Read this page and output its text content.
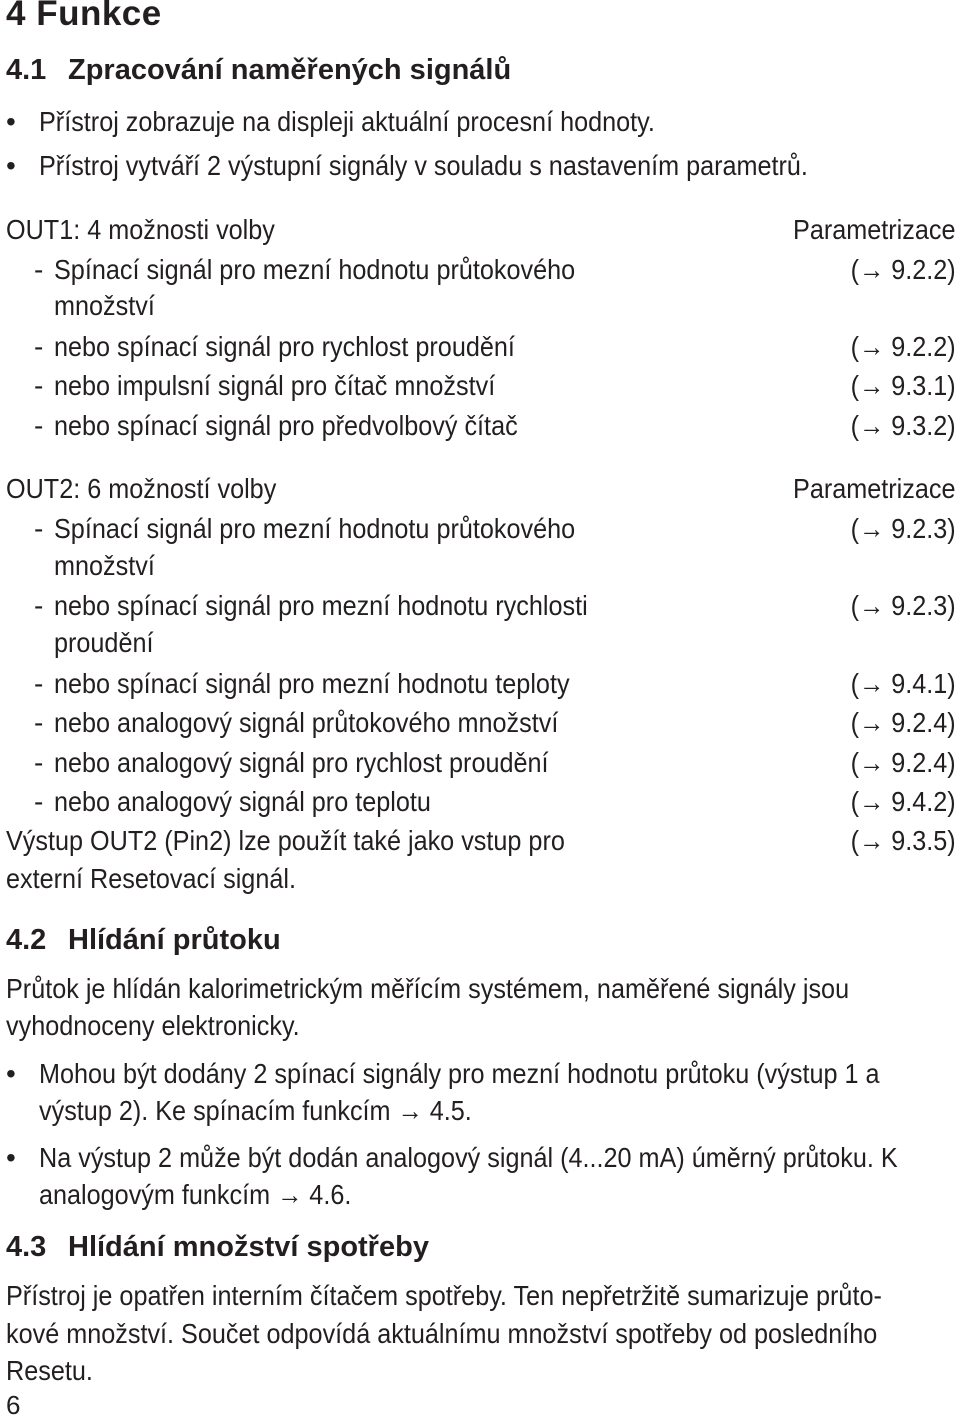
4 Funkce
4.1 Zpracování naměřených signálů
• Přístroj zobrazuje na displeji aktuální procesní hodnoty.
• Přístroj vytváří 2 výstupní signály v souladu s nastavením parametrů.
OUT1: 4 možnosti volby	Parametrizace
- Spínací signál pro mezní hodnotu průtokového	(→ 9.2.2)
množství
- nebo spínací signál pro rychlost proudění	(→ 9.2.2)
- nebo impulsní signál pro čítač množství	(→ 9.3.1)
- nebo spínací signál pro předvolbový čítač	(→ 9.3.2)
OUT2: 6 možností volby	Parametrizace
- Spínací signál pro mezní hodnotu průtokového	(→ 9.2.3)
množství
- nebo spínací signál pro mezní hodnotu rychlosti	(→ 9.2.3)
proudění
- nebo spínací signál pro mezní hodnotu teploty	(→ 9.4.1)
- nebo analogový signál průtokového množství	(→ 9.2.4)
- nebo analogový signál pro rychlost proudění	(→ 9.2.4)
- nebo analogový signál pro teplotu	(→ 9.4.2)
Výstup OUT2 (Pin2) lze použít také jako vstup pro	(→ 9.3.5)
externí Resetovací signál.
4.2 Hlídání průtoku
Průtok je hlídán kalorimetrickým měřícím systémem, naměřené signály jsou
vyhodnoceny elektronicky.
• Mohou být dodány 2 spínací signály pro mezní hodnotu průtoku (výstup 1 a
výstup 2). Ke spínacím funkcím → 4.5.
• Na výstup 2 může být dodán analogový signál (4...20 mA) úměrný průtoku. K
analogovým funkcím → 4.6.
4.3 Hlídání množství spotřeby
Přístroj je opatřen interním čítačem spotřeby. Ten nepřetržitě sumarizuje průto-
kové množství. Součet odpovídá aktuálnímu množství spotřeby od posledního
Resetu.
6
